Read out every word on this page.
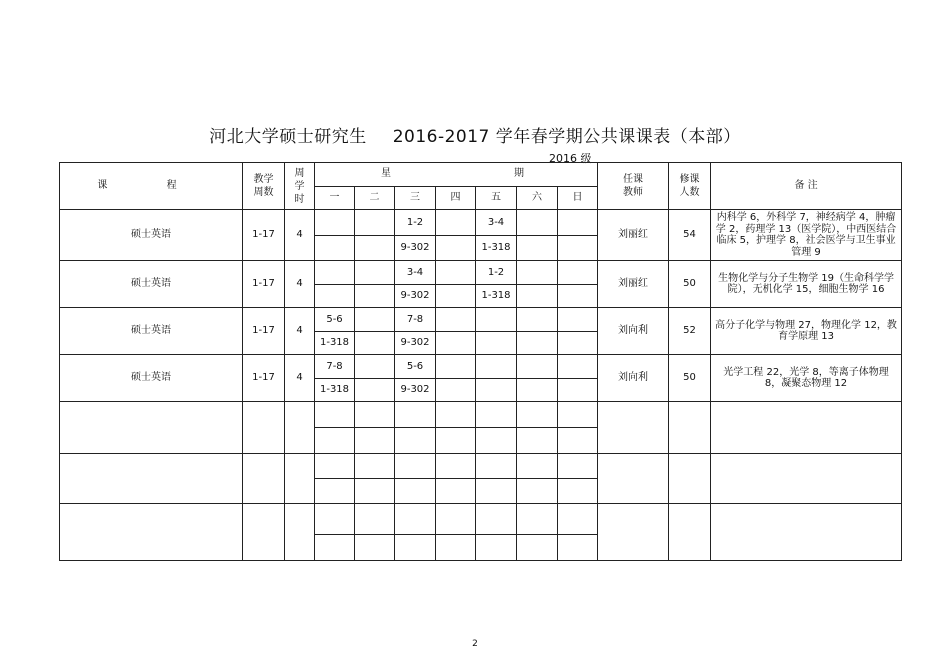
河北大学硕士研究生 2016-2017 学年春学期公共课课表（本部）
2016 级
课 程	教学周数	周学时	星 期							任课教师	修课人数	备 注
			一	二	三	四	五	六	日			
硕士英语	1-17	4			1-2		3-4			刘丽红	54	内科学 6，外科学 7，神经病学 4，肿瘤学 2，药理学 13（医学院），中西医结合临床 5，护理学 8，社会医学与卫生事业管理 9
					9-302		1-318					
硕士英语	1-17	4			3-4		1-2			刘丽红	50	生物化学与分子生物学 19（生命科学学院），无机化学 15，细胞生物学 16
					9-302		1-318					
硕士英语	1-17	4	5-6		7-8					刘向利	52	高分子化学与物理 27，物理化学 12，教育学原理 13
			1-318		9-302							
硕士英语	1-17	4	7-8		5-6					刘向利	50	光学工程 22，光学 8，等离子体物理 8，凝聚态物理 12
			1-318		9-302							

2
